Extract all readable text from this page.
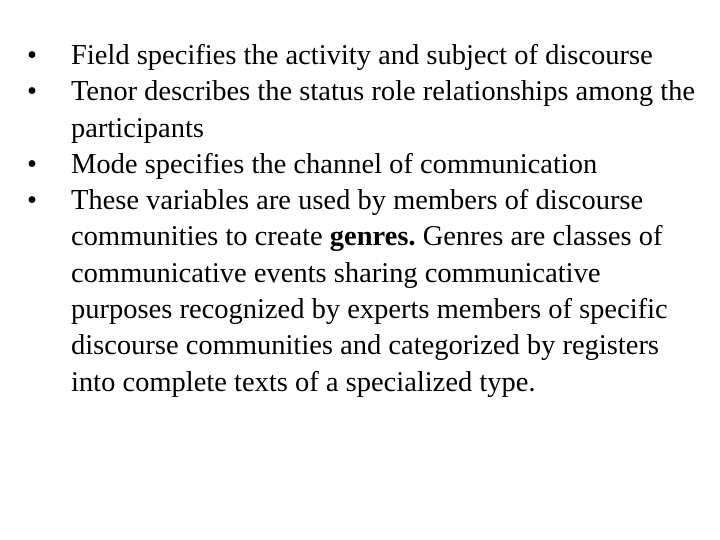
• Field specifies the activity and subject of discourse
• Tenor describes the status role relationships among the participants
• Mode specifies the channel of communication
• These variables are used by members of discourse communities to create genres. Genres are classes of communicative events sharing communicative purposes recognized by experts members of specific discourse communities and categorized by registers into complete texts of a specialized type.
